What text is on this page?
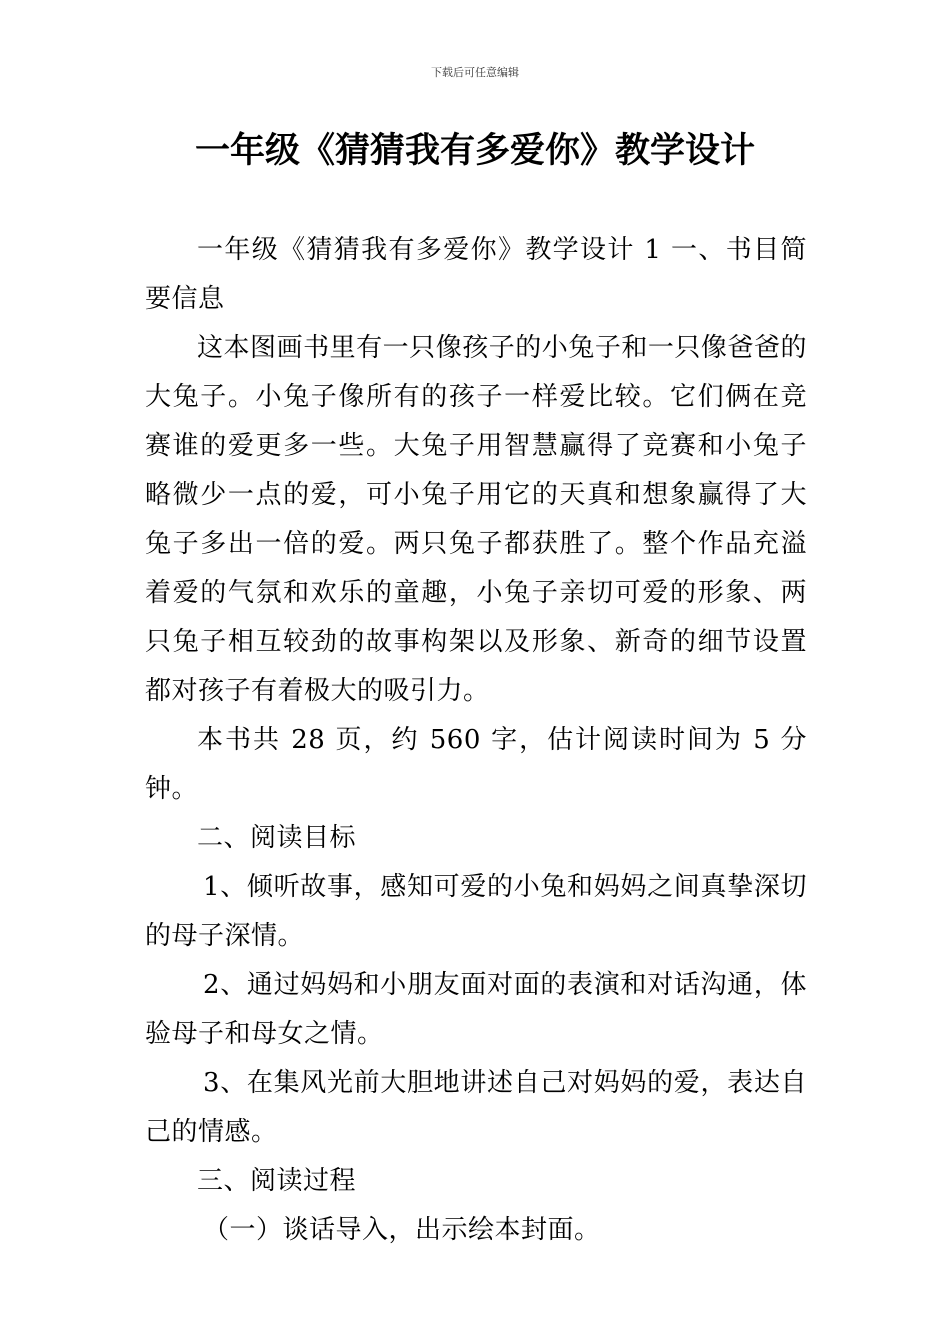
下载后可任意编辑
一年级《猜猜我有多爱你》教学设计

一年级《猜猜我有多爱你》教学设计 1 一、书目简要信息

这本图画书里有一只像孩子的小兔子和一只像爸爸的大兔子。小兔子像所有的孩子一样爱比较。它们俩在竞赛谁的爱更多一些。大兔子用智慧赢得了竞赛和小兔子略微少一点的爱，可小兔子用它的天真和想象赢得了大兔子多出一倍的爱。两只兔子都获胜了。整个作品充溢着爱的气氛和欢乐的童趣，小兔子亲切可爱的形象、两只兔子相互较劲的故事构架以及形象、新奇的细节设置都对孩子有着极大的吸引力。

本书共 28 页，约 560 字，估计阅读时间为 5 分钟。

二、阅读目标

1、倾听故事，感知可爱的小兔和妈妈之间真挚深切的母子深情。

2、通过妈妈和小朋友面对面的表演和对话沟通，体验母子和母女之情。

3、在集风光前大胆地讲述自己对妈妈的爱，表达自己的情感。

三、阅读过程

（一）谈话导入，出示绘本封面。
